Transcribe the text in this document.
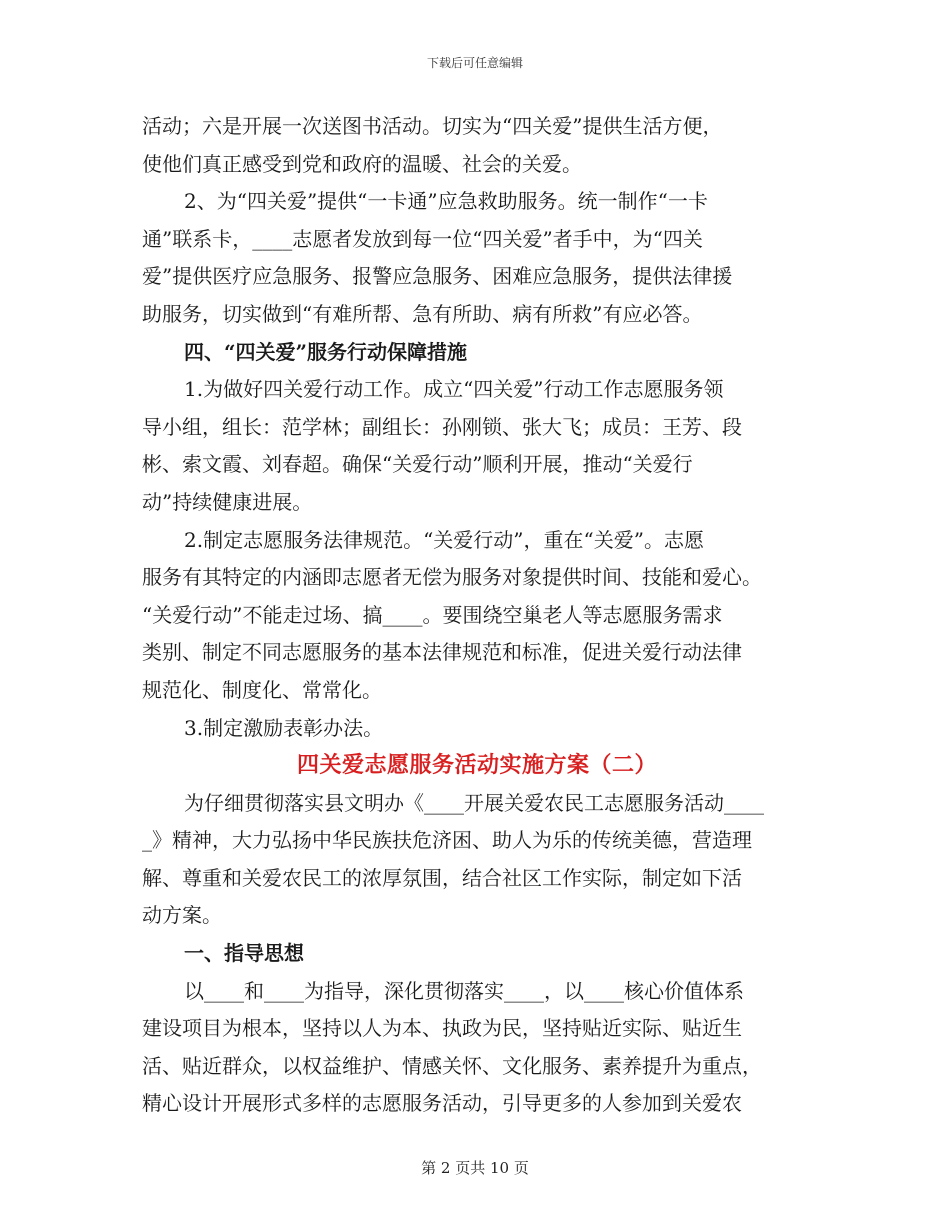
下载后可任意编辑
活动；六是开展一次送图书活动。切实为“四关爱”提供生活方便，
使他们真正感受到党和政府的温暖、社会的关爱。
2、为“四关爱”提供“一卡通”应急救助服务。统一制作“一卡
通”联系卡，____志愿者发放到每一位“四关爱”者手中，为“四关
爱”提供医疗应急服务、报警应急服务、困难应急服务，提供法律援
助服务，切实做到“有难所帮、急有所助、病有所救”有应必答。
四、“四关爱”服务行动保障措施
1.为做好四关爱行动工作。成立“四关爱”行动工作志愿服务领
导小组，组长：范学林；副组长：孙刚锁、张大飞；成员：王芳、段
彬、索文霞、刘春超。确保“关爱行动”顺利开展，推动“关爱行
动”持续健康进展。
2.制定志愿服务法律规范。“关爱行动”，重在“关爱”。志愿
服务有其特定的内涵即志愿者无偿为服务对象提供时间、技能和爱心。
“关爱行动”不能走过场、搞____。要围绕空巢老人等志愿服务需求
类别、制定不同志愿服务的基本法律规范和标准，促进关爱行动法律
规范化、制度化、常常化。
3.制定激励表彰办法。
四关爱志愿服务活动实施方案（二）
为仔细贯彻落实县文明办《____开展关爱农民工志愿服务活动____
_》精神，大力弘扬中华民族扶危济困、助人为乐的传统美德，营造理
解、尊重和关爱农民工的浓厚氛围，结合社区工作实际，制定如下活
动方案。
一、指导思想
以____和____为指导，深化贯彻落实____，以____核心价值体系
建设项目为根本，坚持以人为本、执政为民，坚持贴近实际、贴近生
活、贴近群众，以权益维护、情感关怀、文化服务、素养提升为重点，
精心设计开展形式多样的志愿服务活动，引导更多的人参加到关爱农
第 2 页共 10 页
